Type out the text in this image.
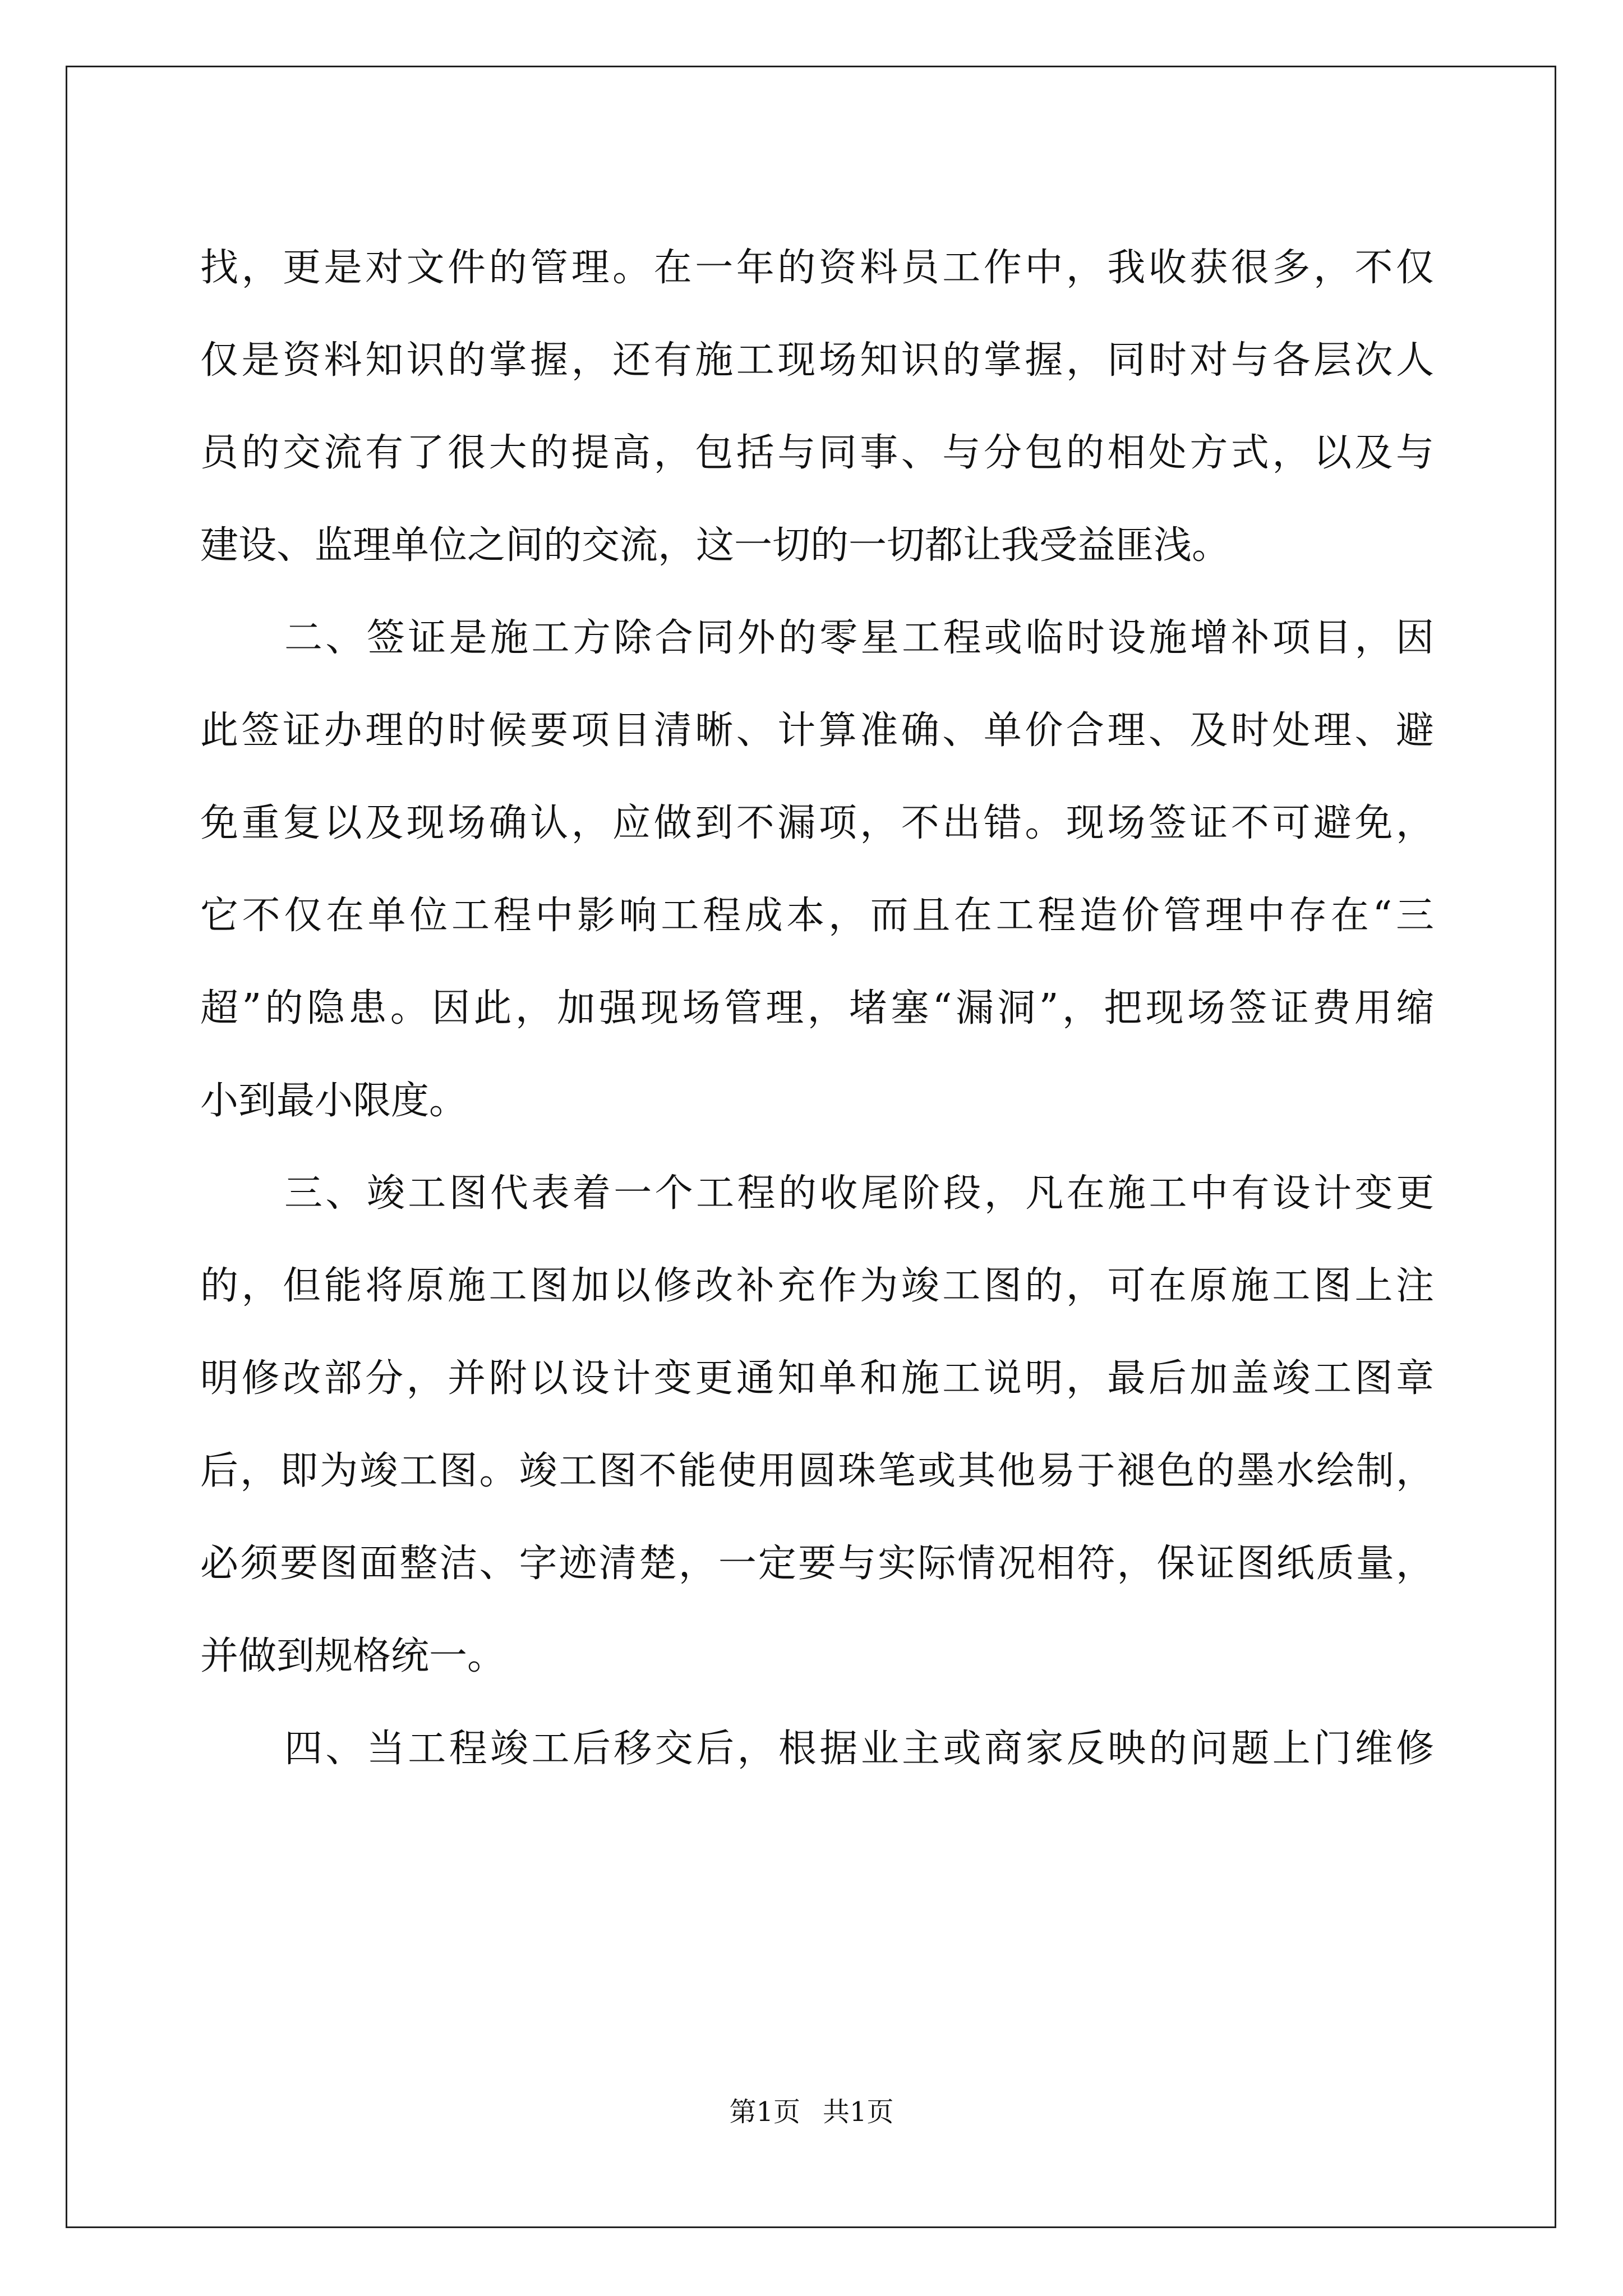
找，更是对文件的管理。在一年的资料员工作中，我收获很多，不仅
仅是资料知识的掌握，还有施工现场知识的掌握，同时对与各层次人
员的交流有了很大的提高，包括与同事、与分包的相处方式，以及与
建设、监理单位之间的交流，这一切的一切都让我受益匪浅。
二、签证是施工方除合同外的零星工程或临时设施增补项目，因
此签证办理的时候要项目清晰、计算准确、单价合理、及时处理、避
免重复以及现场确认，应做到不漏项，不出错。现场签证不可避免，
它不仅在单位工程中影响工程成本，而且在工程造价管理中存在“三
超”的隐患。因此，加强现场管理，堵塞“漏洞”，把现场签证费用缩
小到最小限度。
三、竣工图代表着一个工程的收尾阶段，凡在施工中有设计变更
的，但能将原施工图加以修改补充作为竣工图的，可在原施工图上注
明修改部分，并附以设计变更通知单和施工说明，最后加盖竣工图章
后，即为竣工图。竣工图不能使用圆珠笔或其他易于褪色的墨水绘制，
必须要图面整洁、字迹清楚，一定要与实际情况相符，保证图纸质量，
并做到规格统一。
四、当工程竣工后移交后，根据业主或商家反映的问题上门维修
第1页 共1页
